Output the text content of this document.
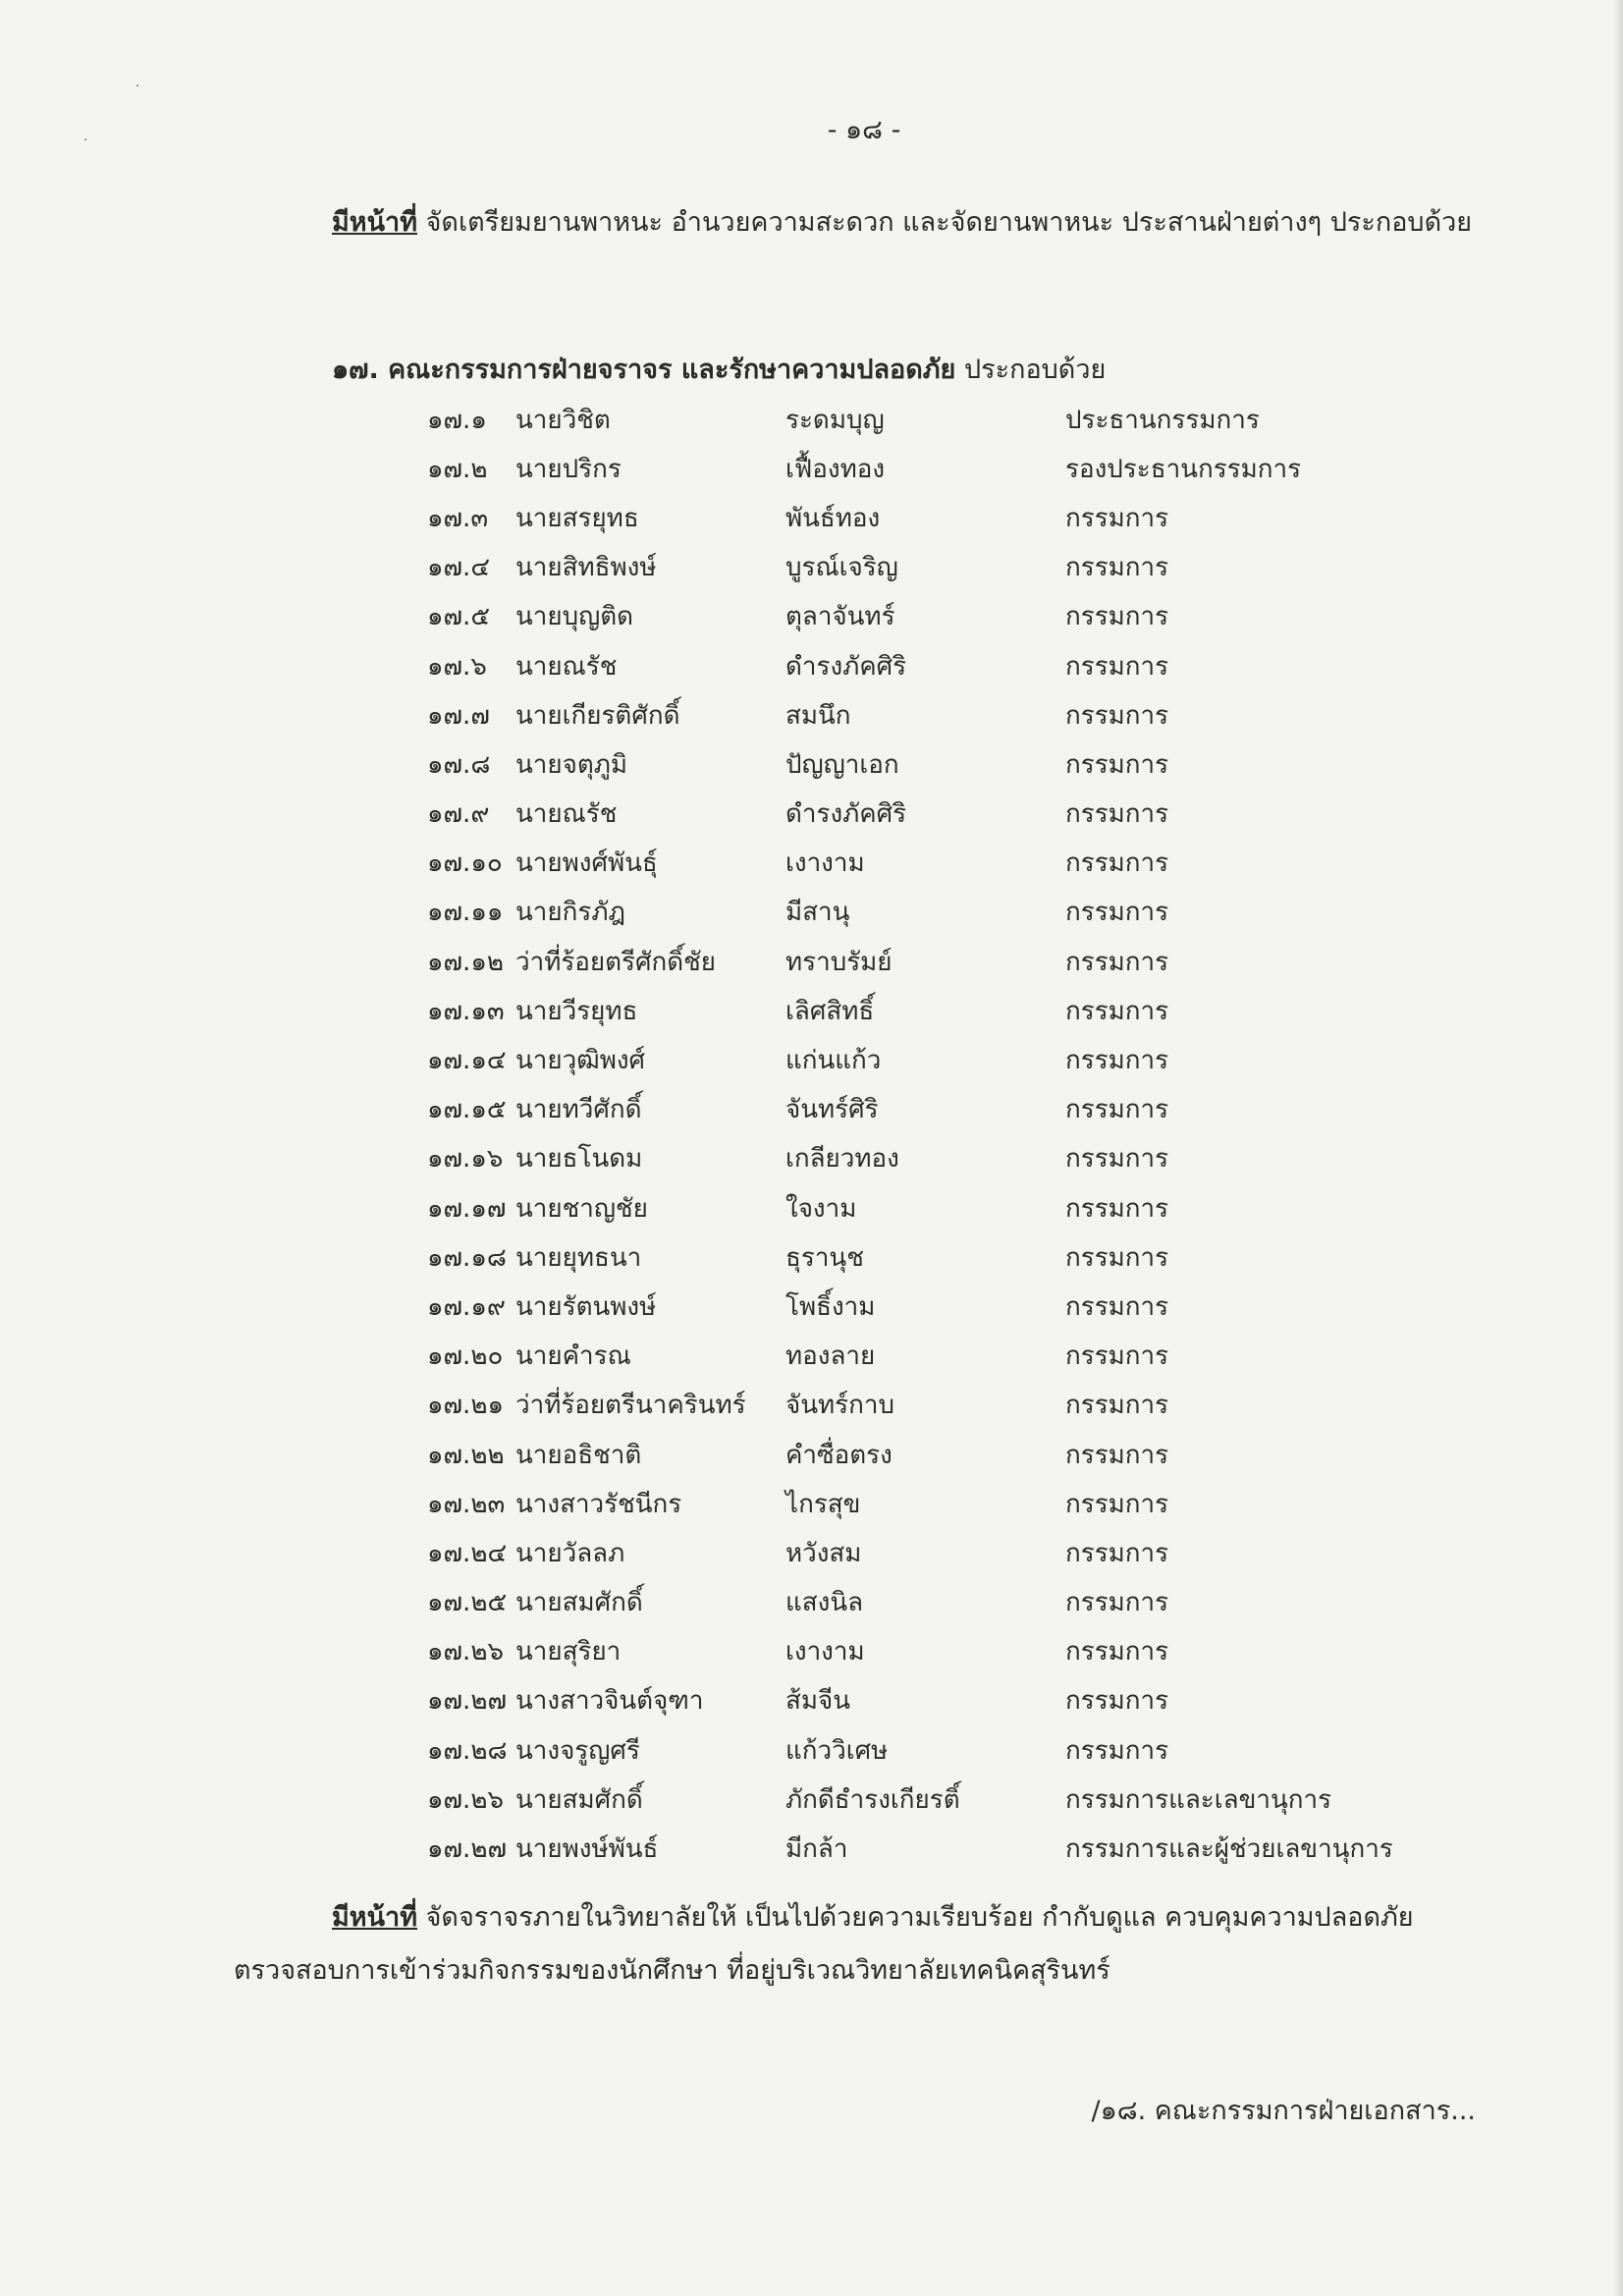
·
·	- ๑๘ -

มีหน้าที่ จัดเตรียมยานพาหนะ อำนวยความสะดวก และจัดยานพาหนะ ประสานฝ่ายต่างๆ ประกอบด้วย

๑๗. คณะกรรมการฝ่ายจราจร และรักษาความปลอดภัย ประกอบด้วย

๑๗.๑	นายวิชิต	ระดมบุญ	ประธานกรรมการ
๑๗.๒	นายปริกร	เฟื้องทอง	รองประธานกรรมการ
๑๗.๓	นายสรยุทธ	พันธ์ทอง	กรรมการ
๑๗.๔	นายสิทธิพงษ์	บูรณ์เจริญ	กรรมการ
๑๗.๕	นายบุญติด	ตุลาจันทร์	กรรมการ
๑๗.๖	นายณรัช	ดำรงภัคศิริ	กรรมการ
๑๗.๗	นายเกียรติศักดิ์	สมนึก	กรรมการ
๑๗.๘ นายจตุภูมิ	ปัญญาเอก	กรรมการ
๑๗.๙	นายณรัช	ดำรงภัคศิริ	กรรมการ
๑๗.๑๐ นายพงศ์พันธุ์	เงางาม	กรรมการ
๑๗.๑๑ นายกิรภัฎ	มีสานุ	กรรมการ
๑๗.๑๒ ว่าที่ร้อยตรีศักดิ์ชัย	ทราบรัมย์	กรรมการ
๑๗.๑๓ นายวีรยุทธ	เลิศสิทธิ์	กรรมการ
๑๗.๑๔ นายวุฒิพงศ์	แก่นแก้ว	กรรมการ
๑๗.๑๕ นายทวีศักดิ์	จันทร์ศิริ	กรรมการ
๑๗.๑๖ นายธโนดม	เกลียวทอง	กรรมการ
๑๗.๑๗ นายชาญชัย	ใจงาม	กรรมการ
๑๗.๑๘ นายยุทธนา	ธุรานุช	กรรมการ
๑๗.๑๙ นายรัตนพงษ์	โพธิ์งาม	กรรมการ
๑๗.๒๐ นายคำรณ	ทองลาย	กรรมการ
๑๗.๒๑ ว่าที่ร้อยตรีนาครินทร์	จันทร์กาบ	กรรมการ
๑๗.๒๒ นายอธิชาติ	คำซื่อตรง	กรรมการ
๑๗.๒๓ นางสาวรัชนีกร	ไกรสุข	กรรมการ
๑๗.๒๔ นายวัลลภ	หวังสม	กรรมการ
๑๗.๒๕ นายสมศักดิ์	แสงนิล	กรรมการ
๑๗.๒๖ นายสุริยา	เงางาม	กรรมการ
๑๗.๒๗ นางสาวจินต์จุฑา	ส้มจีน	กรรมการ
๑๗.๒๘ นางจรูญศรี	แก้ววิเศษ	กรรมการ
๑๗.๒๖ นายสมศักดิ์	ภักดีธำรงเกียรติ์	กรรมการและเลขานุการ
๑๗.๒๗ นายพงษ์พันธ์	มีกล้า	กรรมการและผู้ช่วยเลขานุการ

มีหน้าที่ จัดจราจรภายในวิทยาลัยให้ เป็นไปด้วยความเรียบร้อย กำกับดูแล ควบคุมความปลอดภัย ตรวจสอบการเข้าร่วมกิจกรรมของนักศึกษา ที่อยู่บริเวณวิทยาลัยเทคนิคสุรินทร์

/๑๘. คณะกรรมการฝ่ายเอกสาร...
